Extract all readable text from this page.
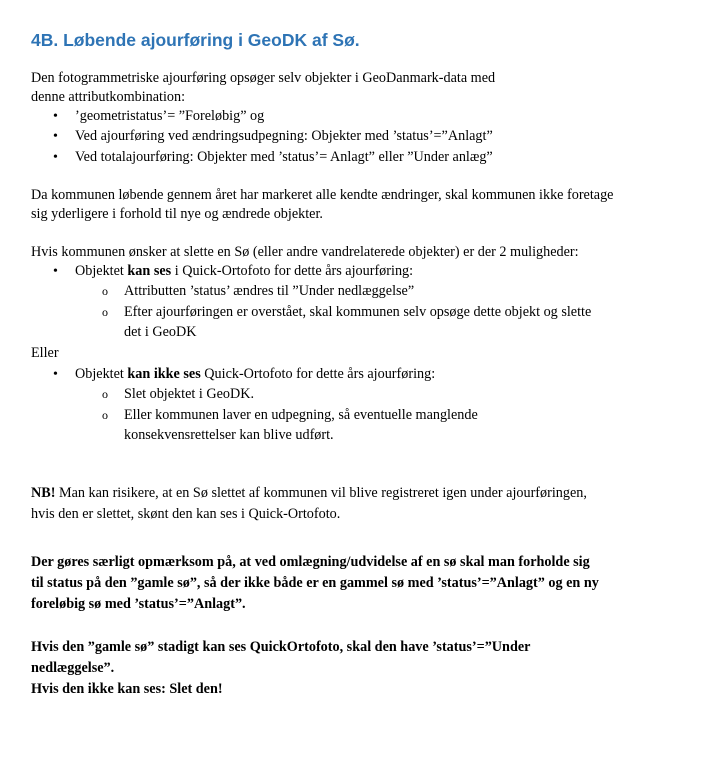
4B. Løbende ajourføring i GeoDK af Sø.
Den fotogrammetriske ajourføring opsøger selv objekter i GeoDanmark-data med
denne attributkombination:
• ’geometristatus’= ”Foreløbig” og
• Ved ajourføring ved ændringsudpegning: Objekter med ’status’=”Anlagt”
• Ved totalajourføring: Objekter med ’status’= Anlagt” eller ”Under anlæg”
Da kommunen løbende gennem året har markeret alle kendte ændringer, skal kommunen ikke foretage
sig yderligere i forhold til nye og ændrede objekter.
Hvis kommunen ønsker at slette en Sø (eller andre vandrelaterede objekter) er der 2 muligheder:
• Objektet kan ses i Quick-Ortofoto for dette års ajourføring:
o Attributten ’status’ ændres til ”Under nedlæggelse”
o Efter ajourføringen er overstået, skal kommunen selv opsøge dette objekt og slette
det i GeoDK
Eller
• Objektet kan ikke ses Quick-Ortofoto for dette års ajourføring:
o Slet objektet i GeoDK.
o Eller kommunen laver en udpegning, så eventuelle manglende
konsekvensrettelser kan blive udført.
NB! Man kan risikere, at en Sø slettet af kommunen vil blive registreret igen under ajourføringen,
hvis den er slettet, skønt den kan ses i Quick-Ortofoto.
Der gøres særligt opmærksom på, at ved omlægning/udvidelse af en sø skal man forholde sig
til status på den ”gamle sø”, så der ikke både er en gammel sø med ’status’=”Anlagt” og en ny
foreløbig sø med ’status’=”Anlagt”.
Hvis den ”gamle sø” stadigt kan ses QuickOrtofoto, skal den have ’status’=”Under
nedlæggelse”.
Hvis den ikke kan ses: Slet den!
